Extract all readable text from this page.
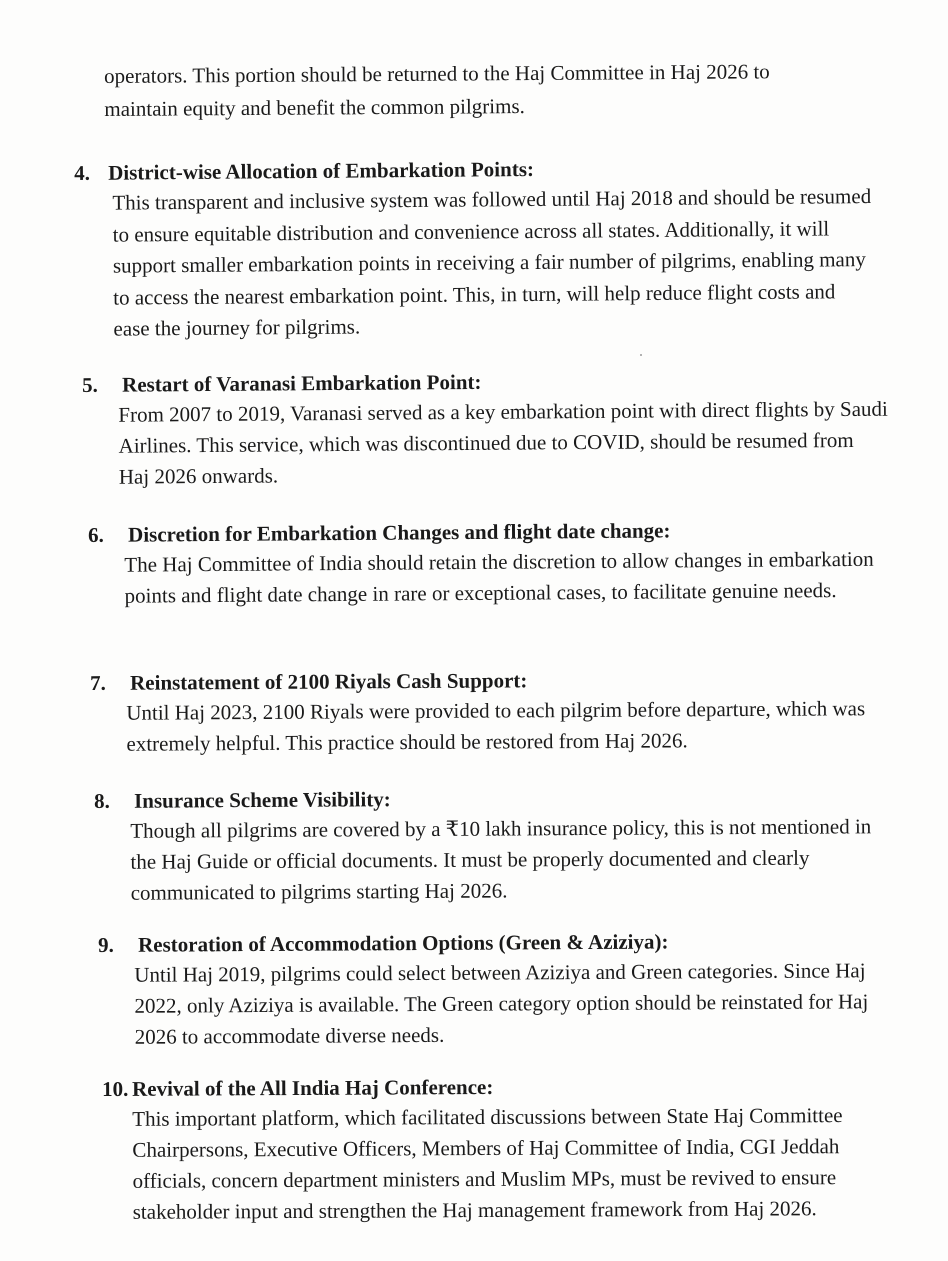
operators. This portion should be returned to the Haj Committee in Haj 2026 to maintain equity and benefit the common pilgrims.

4. District-wise Allocation of Embarkation Points:

This transparent and inclusive system was followed until Haj 2018 and should be resumed to ensure equitable distribution and convenience across all states. Additionally, it will support smaller embarkation points in receiving a fair number of pilgrims, enabling many to access the nearest embarkation point. This, in turn, will help reduce flight costs and ease the journey for pilgrims.

5. Restart of Varanasi Embarkation Point:

From 2007 to 2019, Varanasi served as a key embarkation point with direct flights by Saudi Airlines. This service, which was discontinued due to COVID, should be resumed from Haj 2026 onwards.

6. Discretion for Embarkation Changes and flight date change:

The Haj Committee of India should retain the discretion to allow changes in embarkation points and flight date change in rare or exceptional cases, to facilitate genuine needs.

7. Reinstatement of 2100 Riyals Cash Support:

Until Haj 2023, 2100 Riyals were provided to each pilgrim before departure, which was extremely helpful. This practice should be restored from Haj 2026.

8. Insurance Scheme Visibility:

Though all pilgrims are covered by a ₹10 lakh insurance policy, this is not mentioned in the Haj Guide or official documents. It must be properly documented and clearly communicated to pilgrims starting Haj 2026.

9. Restoration of Accommodation Options (Green & Aziziya):

Until Haj 2019, pilgrims could select between Aziziya and Green categories. Since Haj 2022, only Aziziya is available. The Green category option should be reinstated for Haj 2026 to accommodate diverse needs.

10. Revival of the All India Haj Conference:

This important platform, which facilitated discussions between State Haj Committee Chairpersons, Executive Officers, Members of Haj Committee of India, CGI Jeddah officials, concern department ministers and Muslim MPs, must be revived to ensure stakeholder input and strengthen the Haj management framework from Haj 2026.
